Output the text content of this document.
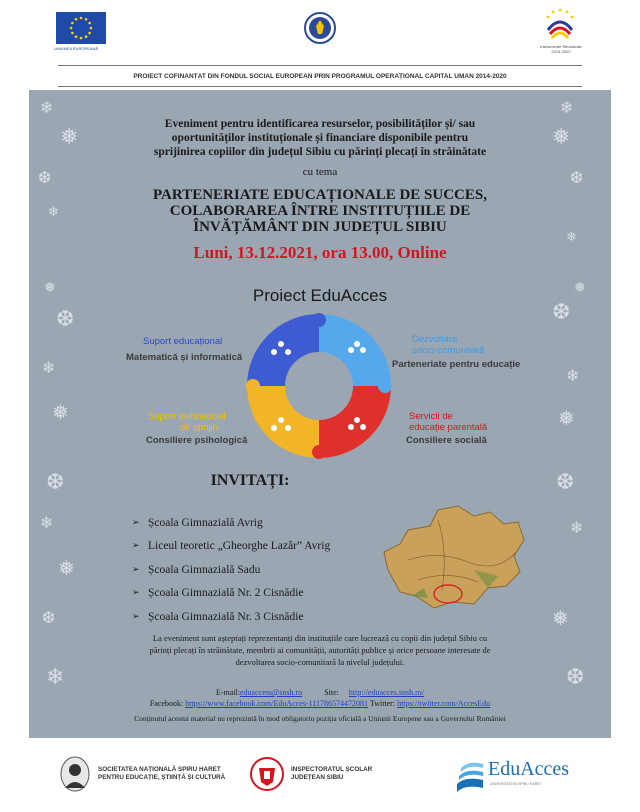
UNIUNEA EUROPEANĂ	Instrumente Structurale
2014-2020
PROIECT COFINANȚAT DIN FONDUL SOCIAL EUROPEAN PRIN PROGRAMUL OPERAȚIONAL CAPITAL UMAN 2014-2020
❄
❅
❆
❄
❅
❆
❄
❅
❆
❄
❅
❆
❄
❄
❅
❆
❄
❅
❆
❄
❅
❆
❄
❅
❆
Eveniment pentru identificarea resurselor, posibilităților și/ sau
oportunităților instituționale și financiare disponibile pentru
sprijinirea copiilor din județul Sibiu cu părinți plecați în străinătate
cu tema
PARTENERIATE EDUCAȚIONALE DE SUCCES,
COLABORAREA ÎNTRE INSTITUȚIILE DE
ÎNVĂȚĂMÂNT DIN JUDEȚUL SIBIU
Luni, 13.12.2021, ora 13.00, Online
Proiect EduAcces
Suport educațional
Matematică și informatică
Dezvoltare
socio-comunitară
Parteneriate pentru educație
Suport psihosocial
de sprijin
Consiliere psihologică
Servicii de
educație parentală
Consiliere socială
INVITAȚI:
➢ Școala Gimnazială Avrig
➢ Liceul teoretic „Gheorghe Lazăr” Avrig
➢ Școala Gimnazială Sadu
➢ Școala Gimnazială Nr. 2 Cisnădie
➢ Școala Gimnazială Nr. 3 Cisnădie
La eveniment sunt așteptați reprezentanți din instituțiile care lucrează cu copii din județul Sibiu cu
părinți plecați în străinătate, membrii ai comunității, autorități publice și orice persoane interesate de
dezvoltarea socio-comunitară la nivelul județului.
E-mail:eduaccess@snsh.ro	Site: http://eduacces.snsh.ro/
Facebook: https://www.facebook.com/EduAcces-111786574472081 Twitter: https://twitter.com/AccesEdu
Conținutul acestui material nu reprezintă în mod obligatoriu poziția oficială a Uniunii Europene sau a Guvernului României
SOCIETATEA NAȚIONALĂ SPIRU HARET
PENTRU EDUCAȚIE, ȘTIINȚĂ ȘI CULTURĂ
INSPECTORATUL ȘCOLAR
JUDEȚEAN SIBIU	EduAcces
UNIVERSITATEA SPIRU HARET
